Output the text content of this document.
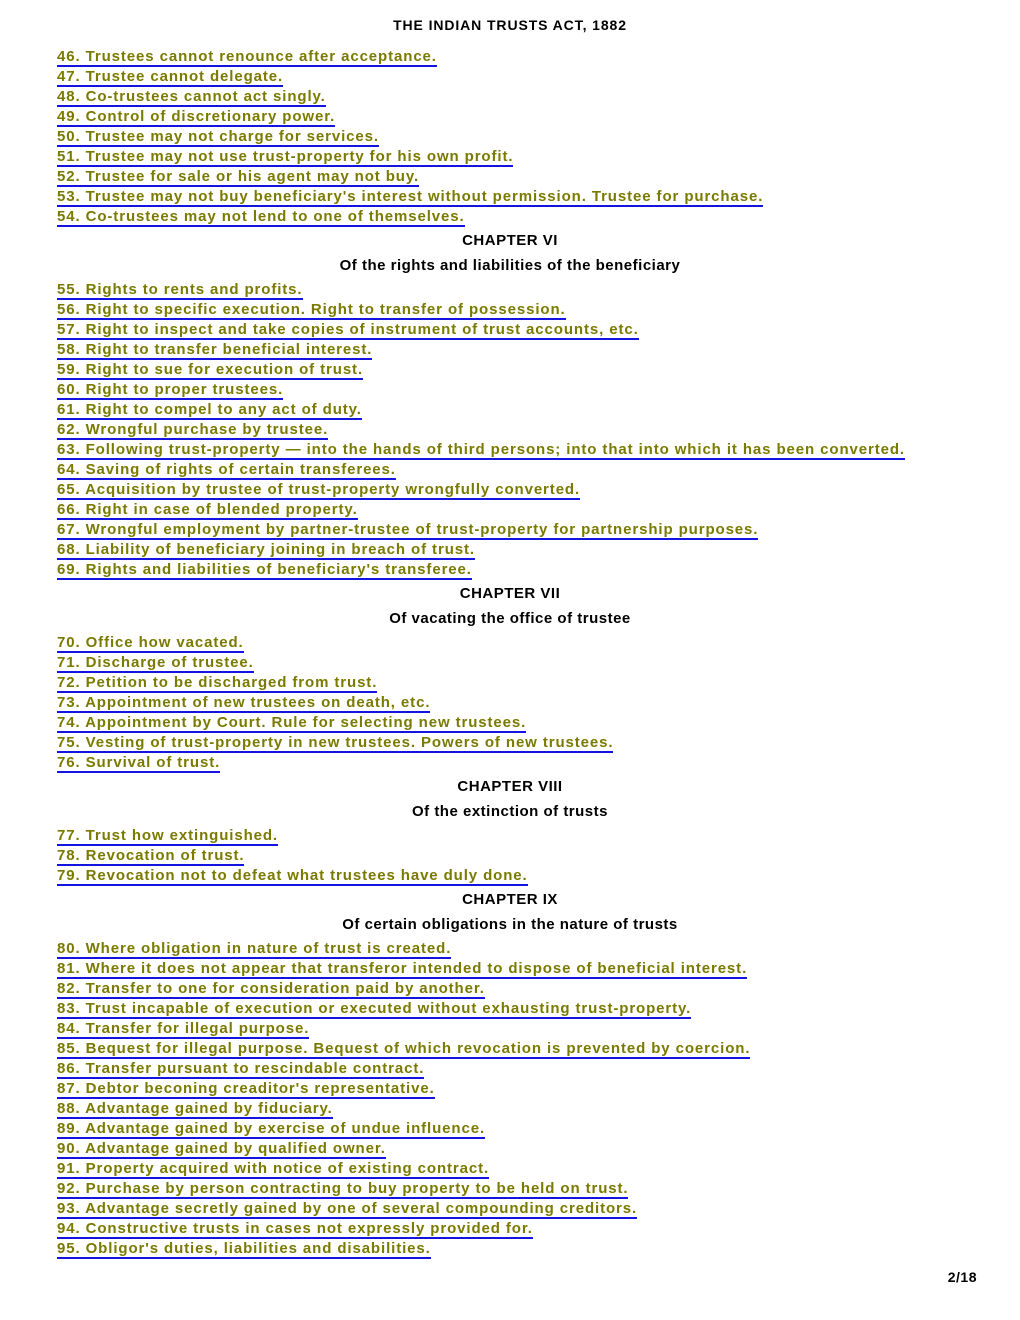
THE INDIAN TRUSTS ACT, 1882
46. Trustees cannot renounce after acceptance.
47. Trustee cannot delegate.
48. Co-trustees cannot act singly.
49. Control of discretionary power.
50. Trustee may not charge for services.
51. Trustee may not use trust-property for his own profit.
52. Trustee for sale or his agent may not buy.
53. Trustee may not buy beneficiary's interest without permission. Trustee for purchase.
54. Co-trustees may not lend to one of themselves.
CHAPTER VI
Of the rights and liabilities of the beneficiary
55. Rights to rents and profits.
56. Right to specific execution. Right to transfer of possession.
57. Right to inspect and take copies of instrument of trust accounts, etc.
58. Right to transfer beneficial interest.
59. Right to sue for execution of trust.
60. Right to proper trustees.
61. Right to compel to any act of duty.
62. Wrongful purchase by trustee.
63. Following trust-property — into the hands of third persons; into that into which it has been converted.
64. Saving of rights of certain transferees.
65. Acquisition by trustee of trust-property wrongfully converted.
66. Right in case of blended property.
67. Wrongful employment by partner-trustee of trust-property for partnership purposes.
68. Liability of beneficiary joining in breach of trust.
69. Rights and liabilities of beneficiary's transferee.
CHAPTER VII
Of vacating the office of trustee
70. Office how vacated.
71. Discharge of trustee.
72. Petition to be discharged from trust.
73. Appointment of new trustees on death, etc.
74. Appointment by Court. Rule for selecting new trustees.
75. Vesting of trust-property in new trustees. Powers of new trustees.
76. Survival of trust.
CHAPTER VIII
Of the extinction of trusts
77. Trust how extinguished.
78. Revocation of trust.
79. Revocation not to defeat what trustees have duly done.
CHAPTER IX
Of certain obligations in the nature of trusts
80. Where obligation in nature of trust is created.
81. Where it does not appear that transferor intended to dispose of beneficial interest.
82. Transfer to one for consideration paid by another.
83. Trust incapable of execution or executed without exhausting trust-property.
84. Transfer for illegal purpose.
85. Bequest for illegal purpose. Bequest of which revocation is prevented by coercion.
86. Transfer pursuant to rescindable contract.
87. Debtor beconing creaditor's representative.
88. Advantage gained by fiduciary.
89. Advantage gained by exercise of undue influence.
90. Advantage gained by qualified owner.
91. Property acquired with notice of existing contract.
92. Purchase by person contracting to buy property to be held on trust.
93. Advantage secretly gained by one of several compounding creditors.
94. Constructive trusts in cases not expressly provided for.
95. Obligor's duties, liabilities and disabilities.
2/18
